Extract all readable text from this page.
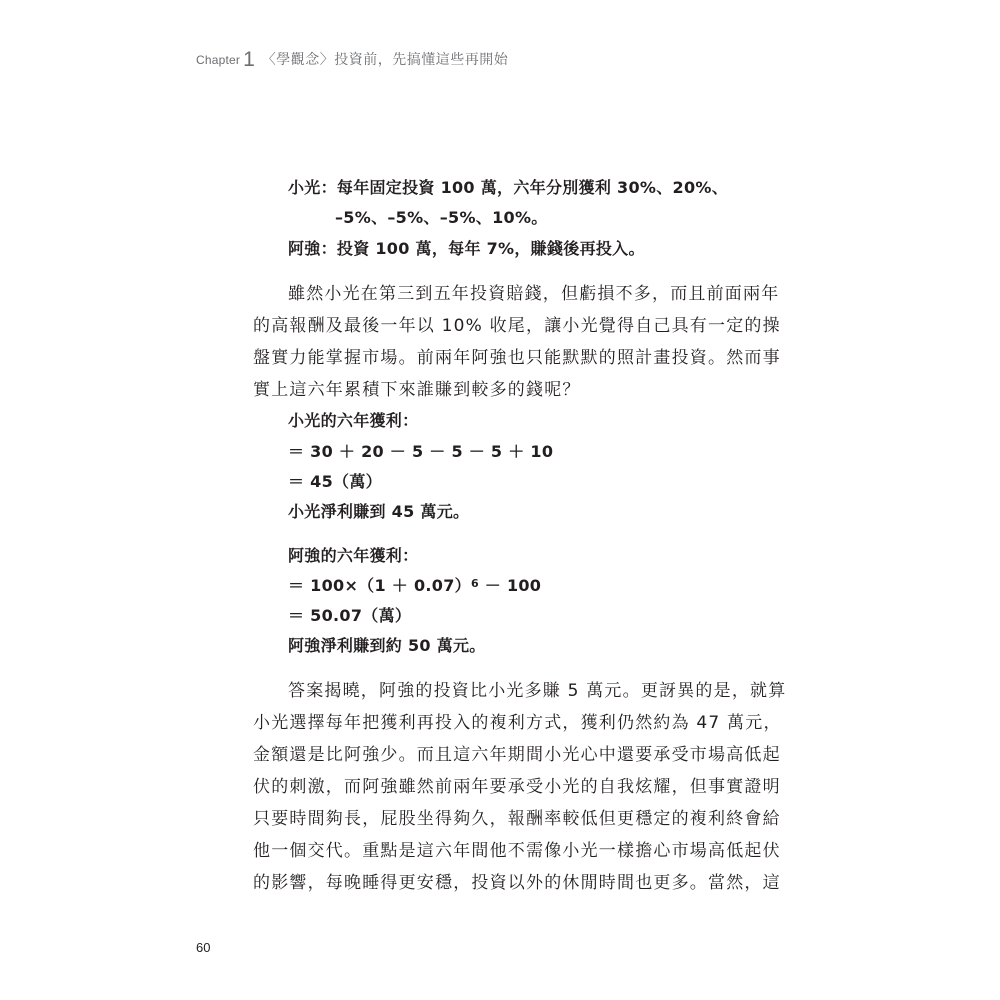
Chapter 1 〈學觀念〉投資前，先搞懂這些再開始
小光：每年固定投資 100 萬，六年分別獲利 30%、20%、
–5%、–5%、–5%、10%。
阿強：投資 100 萬，每年 7%，賺錢後再投入。
雖然小光在第三到五年投資賠錢，但虧損不多，而且前面兩年
的高報酬及最後一年以 10% 收尾，讓小光覺得自己具有一定的操
盤實力能掌握市場。前兩年阿強也只能默默的照計畫投資。然而事
實上這六年累積下來誰賺到較多的錢呢？
小光的六年獲利：
＝ 30 ＋ 20 － 5 － 5 － 5 ＋ 10
＝ 45（萬）
小光淨利賺到 45 萬元。
阿強的六年獲利：
＝ $100\times(1 + 0.07)^6 - 100$
＝ 50.07（萬）
阿強淨利賺到約 50 萬元。
答案揭曉，阿強的投資比小光多賺 5 萬元。更訝異的是，就算
小光選擇每年把獲利再投入的複利方式，獲利仍然約為 47 萬元，
金額還是比阿強少。而且這六年期間小光心中還要承受市場高低起
伏的刺激，而阿強雖然前兩年要承受小光的自我炫耀，但事實證明
只要時間夠長，屁股坐得夠久，報酬率較低但更穩定的複利終會給
他一個交代。重點是這六年間他不需像小光一樣擔心市場高低起伏
的影響，每晚睡得更安穩，投資以外的休閒時間也更多。當然，這
60
